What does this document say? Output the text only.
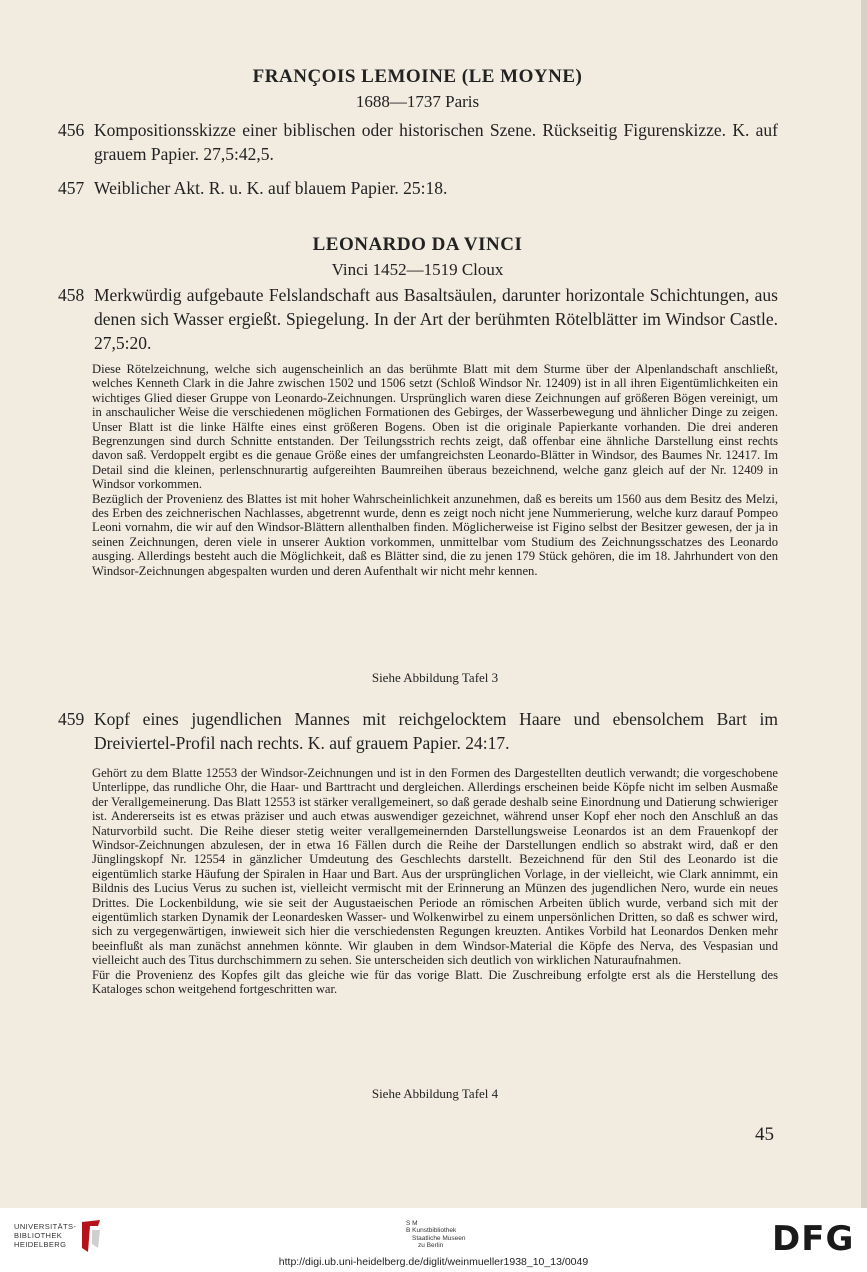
FRANÇOIS LEMOINE (LE MOYNE)
1688—1737 Paris
456 Kompositionsskizze einer biblischen oder historischen Szene. Rückseitig Figurenskizze. K. auf grauem Papier. 27,5:42,5.
457 Weiblicher Akt. R. u. K. auf blauem Papier. 25:18.
LEONARDO DA VINCI
Vinci 1452—1519 Cloux
458 Merkwürdig aufgebaute Felslandschaft aus Basaltsäulen, darunter horizontale Schichtungen, aus denen sich Wasser ergießt. Spiegelung. In der Art der berühmten Rötelblätter im Windsor Castle. 27,5:20.

Diese Rötelzeichnung, welche sich augenscheinlich an das berühmte Blatt mit dem Sturme über der Alpenlandschaft anschließt, welches Kenneth Clark in die Jahre zwischen 1502 und 1506 setzt (Schloß Windsor Nr. 12409) ist in all ihren Eigentümlichkeiten ein wichtiges Glied dieser Gruppe von Leonardo-Zeichnungen. Ursprünglich waren diese Zeichnungen auf größeren Bögen vereinigt, um in anschaulicher Weise die verschiedenen möglichen Formationen des Gebirges, der Wasserbewegung und ähnlicher Dinge zu zeigen. Unser Blatt ist die linke Hälfte eines einst größeren Bogens. Oben ist die originale Papierkante vorhanden. Die drei anderen Begrenzungen sind durch Schnitte entstanden. Der Teilungsstrich rechts zeigt, daß offenbar eine ähnliche Darstellung einst rechts davon saß. Verdoppelt ergibt es die genaue Größe eines der umfangreichsten Leonardo-Blätter in Windsor, des Baumes Nr. 12417. Im Detail sind die kleinen, perlenschnurartig aufgereihten Baumreihen überaus bezeichnend, welche ganz gleich auf der Nr. 12409 in Windsor vorkommen.

Bezüglich der Provenienz des Blattes ist mit hoher Wahrscheinlichkeit anzunehmen, daß es bereits um 1560 aus dem Besitz des Melzi, des Erben des zeichnerischen Nachlasses, abgetrennt wurde, denn es zeigt noch nicht jene Nummerierung, welche kurz darauf Pompeo Leoni vornahm, die wir auf den Windsor-Blättern allenthalben finden. Möglicherweise ist Figino selbst der Besitzer gewesen, der ja in seinen Zeichnungen, deren viele in unserer Auktion vorkommen, unmittelbar vom Studium des Zeichnungsschatzes des Leonardo ausging. Allerdings besteht auch die Möglichkeit, daß es Blätter sind, die zu jenen 179 Stück gehören, die im 18. Jahrhundert von den Windsor-Zeichnungen abgespalten wurden und deren Aufenthalt wir nicht mehr kennen.

Siehe Abbildung Tafel 3
459 Kopf eines jugendlichen Mannes mit reichgelocktem Haare und ebensolchem Bart im Dreiviertel-Profil nach rechts. K. auf grauem Papier. 24:17.

Gehört zu dem Blatte 12553 der Windsor-Zeichnungen und ist in den Formen des Dargestellten deutlich verwandt; die vorgeschobene Unterlippe, das rundliche Ohr, die Haar- und Barttracht und dergleichen. Allerdings erscheinen beide Köpfe nicht im selben Ausmaße der Verallgemeinerung. Das Blatt 12553 ist stärker verallgemeinert, so daß gerade deshalb seine Einordnung und Datierung schwieriger ist. Andererseits ist es etwas präziser und auch etwas auswendiger gezeichnet, während unser Kopf eher noch den Anschluß an das Naturvorbild sucht. Die Reihe dieser stetig weiter verallgemeinernden Darstellungsweise Leonardos ist an dem Frauenkopf der Windsor-Zeichnungen abzulesen, der in etwa 16 Fällen durch die Reihe der Darstellungen endlich so abstrakt wird, daß er den Jünglingskopf Nr. 12554 in gänzlicher Umdeutung des Geschlechts darstellt. Bezeichnend für den Stil des Leonardo ist die eigentümlich starke Häufung der Spiralen in Haar und Bart. Aus der ursprünglichen Vorlage, in der vielleicht, wie Clark annimmt, ein Bildnis des Lucius Verus zu suchen ist, vielleicht vermischt mit der Erinnerung an Münzen des jugendlichen Nero, wurde ein neues Drittes. Die Lockenbildung, wie sie seit der Augustaeischen Periode an römischen Arbeiten üblich wurde, verband sich mit der eigentümlich starken Dynamik der Leonardesken Wasser- und Wolkenwirbel zu einem unpersönlichen Dritten, so daß es schwer wird, sich zu vergegenwärtigen, inwieweit sich hier die verschiedensten Regungen kreuzten. Antikes Vorbild hat Leonardos Denken mehr beeinflußt als man zunächst annehmen könnte. Wir glauben in dem Windsor-Material die Köpfe des Nerva, des Vespasian und vielleicht auch des Titus durchschimmern zu sehen. Sie unterscheiden sich deutlich von wirklichen Naturaufnahmen.

Für die Provenienz des Kopfes gilt das gleiche wie für das vorige Blatt. Die Zuschreibung erfolgte erst als die Herstellung des Kataloges schon weitgehend fortgeschritten war.

Siehe Abbildung Tafel 4
45
UNIVERSITÄTS-
BIBLIOTHEK
HEIDELBERG
S M
B Kunstbibliothek
Staatliche Museen
zu Berlin	DFG
http://digi.ub.uni-heidelberg.de/diglit/weinmueller1938_10_13/0049
